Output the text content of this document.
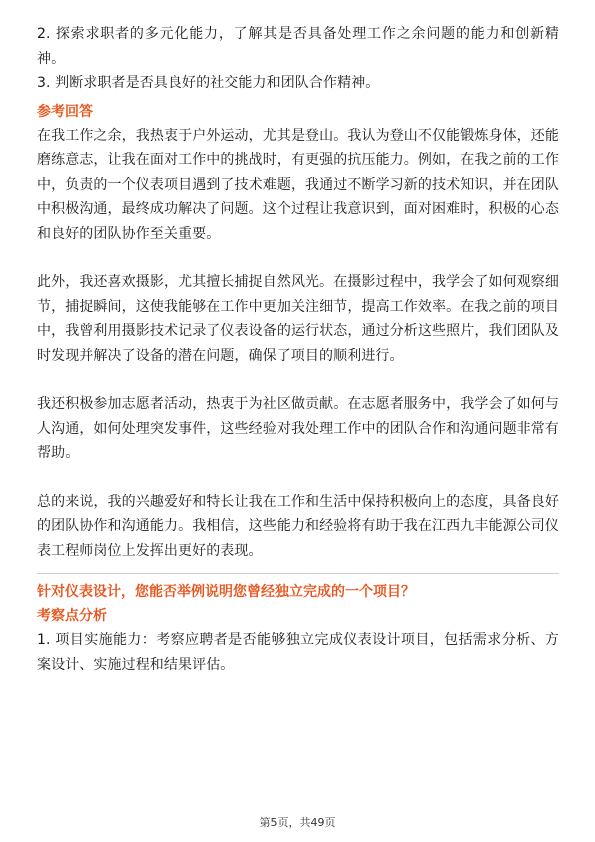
2. 探索求职者的多元化能力，了解其是否具备处理工作之余问题的能力和创新精神。

3. 判断求职者是否具良好的社交能力和团队合作精神。

参考回答

在我工作之余，我热衷于户外运动，尤其是登山。我认为登山不仅能锻炼身体，还能磨练意志，让我在面对工作中的挑战时，有更强的抗压能力。例如，在我之前的工作中，负责的一个仪表项目遇到了技术难题，我通过不断学习新的技术知识，并在团队中积极沟通，最终成功解决了问题。这个过程让我意识到，面对困难时，积极的心态和良好的团队协作至关重要。

此外，我还喜欢摄影，尤其擅长捕捉自然风光。在摄影过程中，我学会了如何观察细节，捕捉瞬间，这使我能够在工作中更加关注细节，提高工作效率。在我之前的项目中，我曾利用摄影技术记录了仪表设备的运行状态，通过分析这些照片，我们团队及时发现并解决了设备的潜在问题，确保了项目的顺利进行。

我还积极参加志愿者活动，热衷于为社区做贡献。在志愿者服务中，我学会了如何与人沟通，如何处理突发事件，这些经验对我处理工作中的团队合作和沟通问题非常有帮助。

总的来说，我的兴趣爱好和特长让我在工作和生活中保持积极向上的态度，具备良好的团队协作和沟通能力。我相信，这些能力和经验将有助于我在江西九丰能源公司仪表工程师岗位上发挥出更好的表现。

针对仪表设计，您能否举例说明您曾经独立完成的一个项目？
考察点分析

1. 项目实施能力：考察应聘者是否能够独立完成仪表设计项目，包括需求分析、方案设计、实施过程和结果评估。

第5页，共49页
